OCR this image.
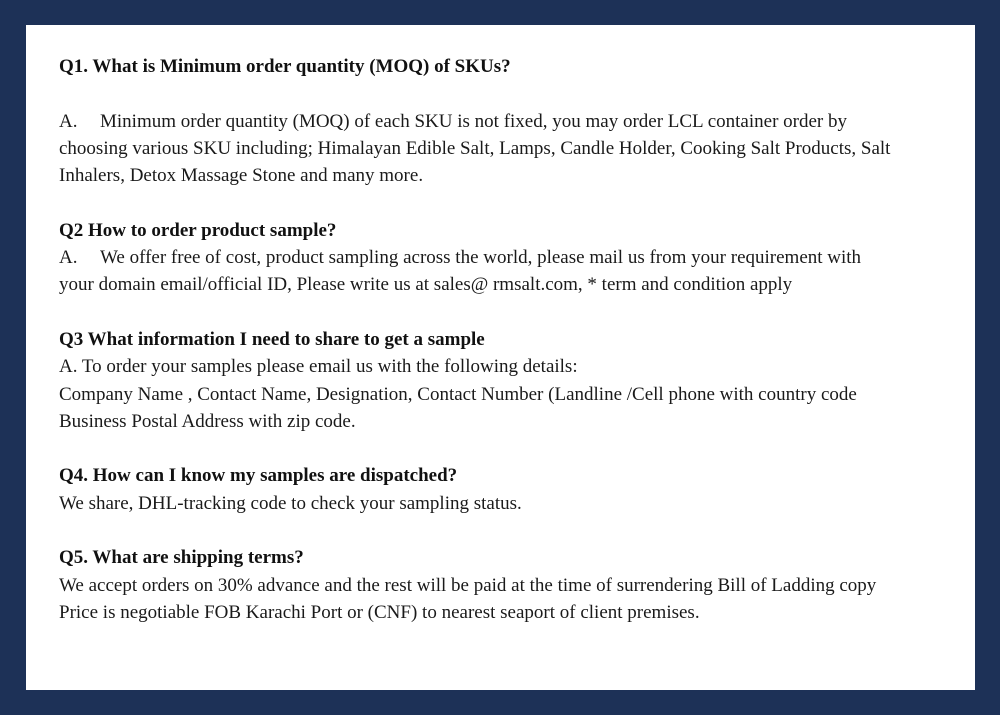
Q1. What is Minimum order quantity (MOQ) of SKUs?
A. Minimum order quantity (MOQ) of each SKU is not fixed, you may order LCL container order by
choosing various SKU including; Himalayan Edible Salt, Lamps, Candle Holder, Cooking Salt Products, Salt
Inhalers, Detox Massage Stone and many more.
Q2 How to order product sample?
A. We offer free of cost, product sampling across the world, please mail us from your requirement with
your domain email/official ID, Please write us at sales@ rmsalt.com, * term and condition apply
Q3 What information I need to share to get a sample
A. To order your samples please email us with the following details:
Company Name , Contact Name, Designation, Contact Number (Landline /Cell phone with country code
Business Postal Address with zip code.
Q4. How can I know my samples are dispatched?
We share, DHL-tracking code to check your sampling status.
Q5. What are shipping terms?
We accept orders on 30% advance and the rest will be paid at the time of surrendering Bill of Ladding copy
Price is negotiable FOB Karachi Port or (CNF) to nearest seaport of client premises.
